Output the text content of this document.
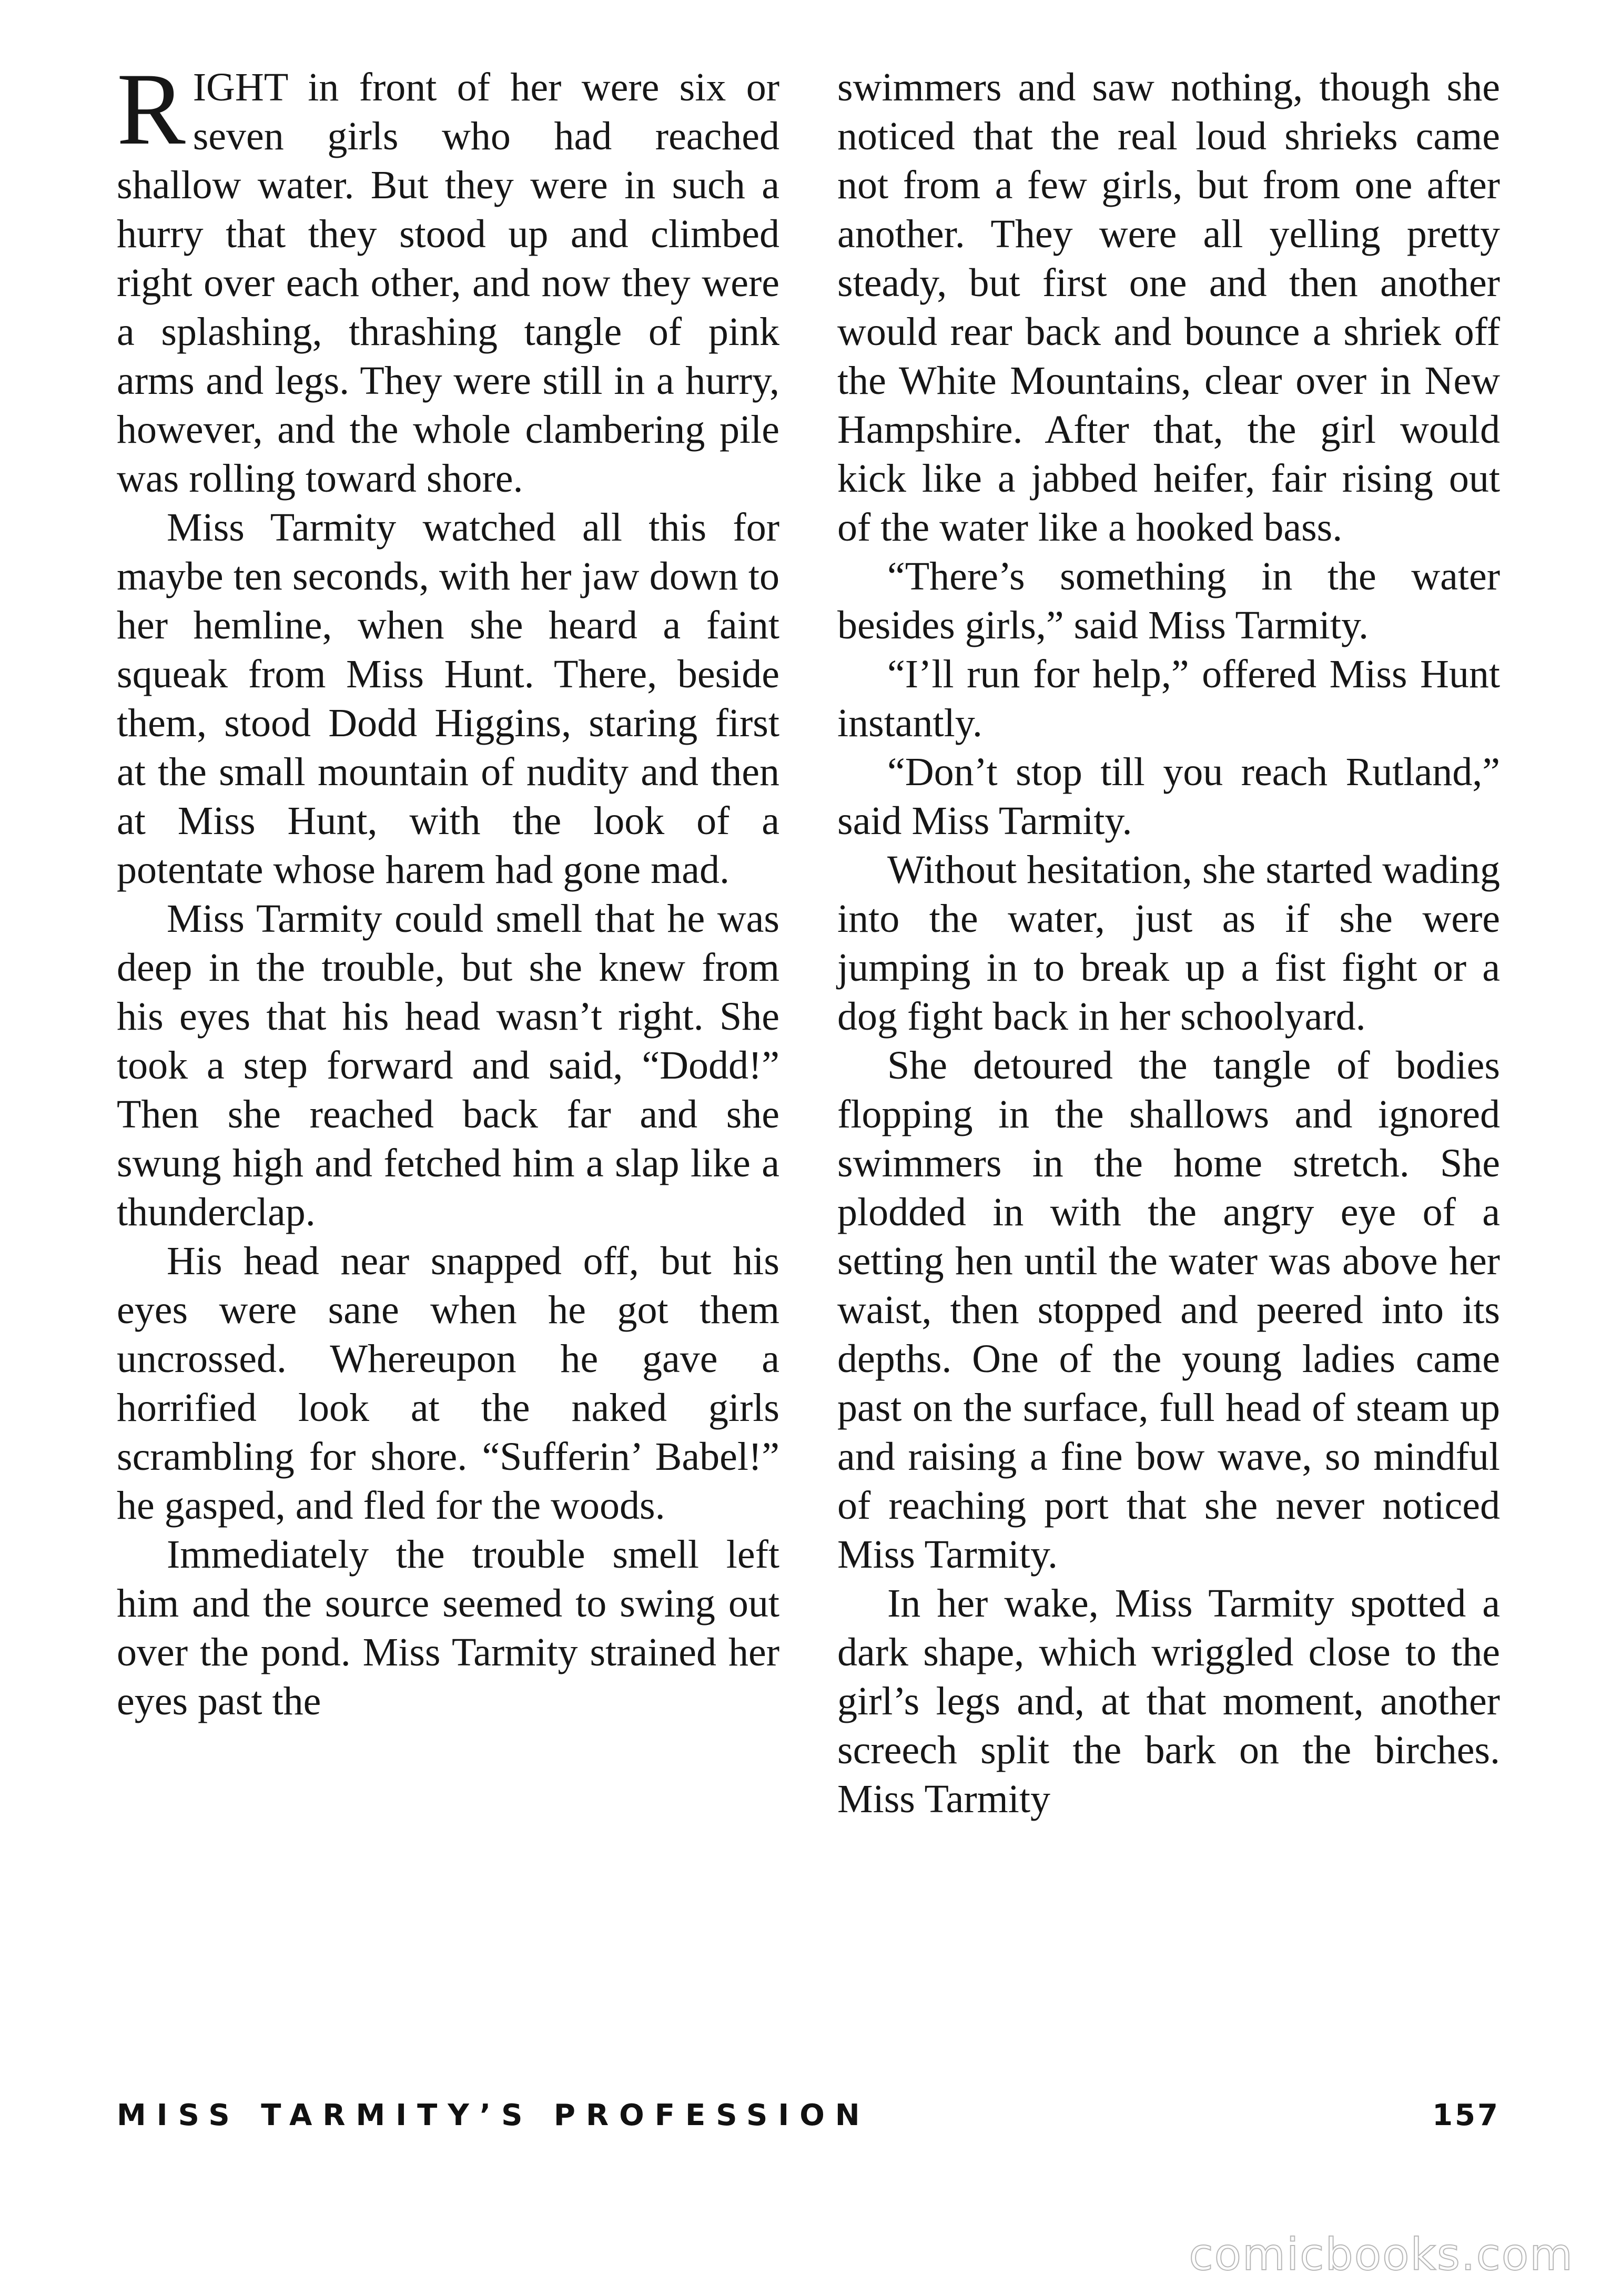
RIGHT in front of her were six or seven girls who had reached shallow water. But they were in such a hurry that they stood up and climbed right over each other, and now they were a splashing, thrashing tangle of pink arms and legs. They were still in a hurry, however, and the whole clambering pile was rolling toward shore.

Miss Tarmity watched all this for maybe ten seconds, with her jaw down to her hemline, when she heard a faint squeak from Miss Hunt. There, beside them, stood Dodd Higgins, staring first at the small mountain of nudity and then at Miss Hunt, with the look of a potentate whose harem had gone mad.

Miss Tarmity could smell that he was deep in the trouble, but she knew from his eyes that his head wasn’t right. She took a step forward and said, “Dodd!” Then she reached back far and she swung high and fetched him a slap like a thunderclap.

His head near snapped off, but his eyes were sane when he got them uncrossed. Whereupon he gave a horrified look at the naked girls scrambling for shore. “Sufferin’ Babel!” he gasped, and fled for the woods.

Immediately the trouble smell left him and the source seemed to swing out over the pond. Miss Tarmity strained her eyes past the

swimmers and saw nothing, though she noticed that the real loud shrieks came not from a few girls, but from one after another. They were all yelling pretty steady, but first one and then another would rear back and bounce a shriek off the White Mountains, clear over in New Hampshire. After that, the girl would kick like a jabbed heifer, fair rising out of the water like a hooked bass.

“There’s something in the water besides girls,” said Miss Tarmity.

“I’ll run for help,” offered Miss Hunt instantly.

“Don’t stop till you reach Rutland,” said Miss Tarmity.

Without hesitation, she started wading into the water, just as if she were jumping in to break up a fist fight or a dog fight back in her schoolyard.

She detoured the tangle of bodies flopping in the shallows and ignored swimmers in the home stretch. She plodded in with the angry eye of a setting hen until the water was above her waist, then stopped and peered into its depths. One of the young ladies came past on the surface, full head of steam up and raising a fine bow wave, so mindful of reaching port that she never noticed Miss Tarmity.

In her wake, Miss Tarmity spotted a dark shape, which wriggled close to the girl’s legs and, at that moment, another screech split the bark on the birches. Miss Tarmity

MISS TARMITY’S PROFESSION	157
comicbooks.com
